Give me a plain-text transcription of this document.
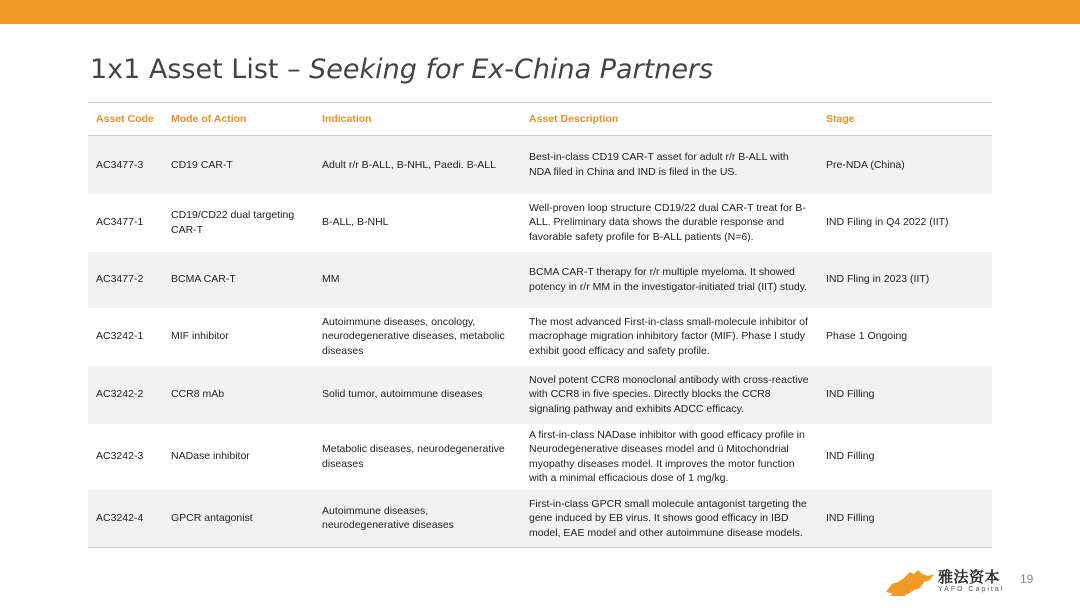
1x1 Asset List – Seeking for Ex-China Partners
Asset Code	Mode of Action	Indication	Asset Description	Stage
AC3477-3	CD19 CAR-T	Adult r/r B-ALL, B-NHL, Paedi. B-ALL	Best-in-class CD19 CAR-T asset for adult r/r B-ALL with NDA filed in China and IND is filed in the US.	Pre-NDA (China)
AC3477-1	CD19/CD22 dual targeting CAR-T	B-ALL, B-NHL	Well-proven loop structure CD19/22 dual CAR-T treat for B-ALL. Preliminary data shows the durable response and favorable safety profile for B-ALL patients (N=6).	IND Filing in Q4 2022 (IIT)
AC3477-2	BCMA CAR-T	MM	BCMA CAR-T therapy for r/r multiple myeloma. It showed potency in r/r MM in the investigator-initiated trial (IIT) study.	IND Fling in 2023 (IIT)
AC3242-1	MIF inhibitor	Autoimmune diseases, oncology, neurodegenerative diseases, metabolic diseases	The most advanced First-in-class small-molecule inhibitor of macrophage migration inhibitory factor (MIF). Phase I study exhibit good efficacy and safety profile.	Phase 1 Ongoing
AC3242-2	CCR8 mAb	Solid tumor, autoimmune diseases	Novel potent CCR8 monoclonal antibody with cross-reactive with CCR8 in five species. Directly blocks the CCR8 signaling pathway and exhibits ADCC efficacy.	IND Filling
AC3242-3	NADase inhibitor	Metabolic diseases, neurodegenerative diseases	A first-in-class NADase inhibitor with good efficacy profile in Neurodegenerative diseases model and ü Mitochondrial myopathy diseases model. It improves the motor function with a minimal efficacious dose of 1 mg/kg.	IND Filling
AC3242-4	GPCR antagonist	Autoimmune diseases, neurodegenerative diseases	First-in-class GPCR small molecule antagonist targeting the gene induced by EB virus. It shows good efficacy in IBD model, EAE model and other autoimmune disease models.	IND Filling
雅法资本
YAFO Capital
19
